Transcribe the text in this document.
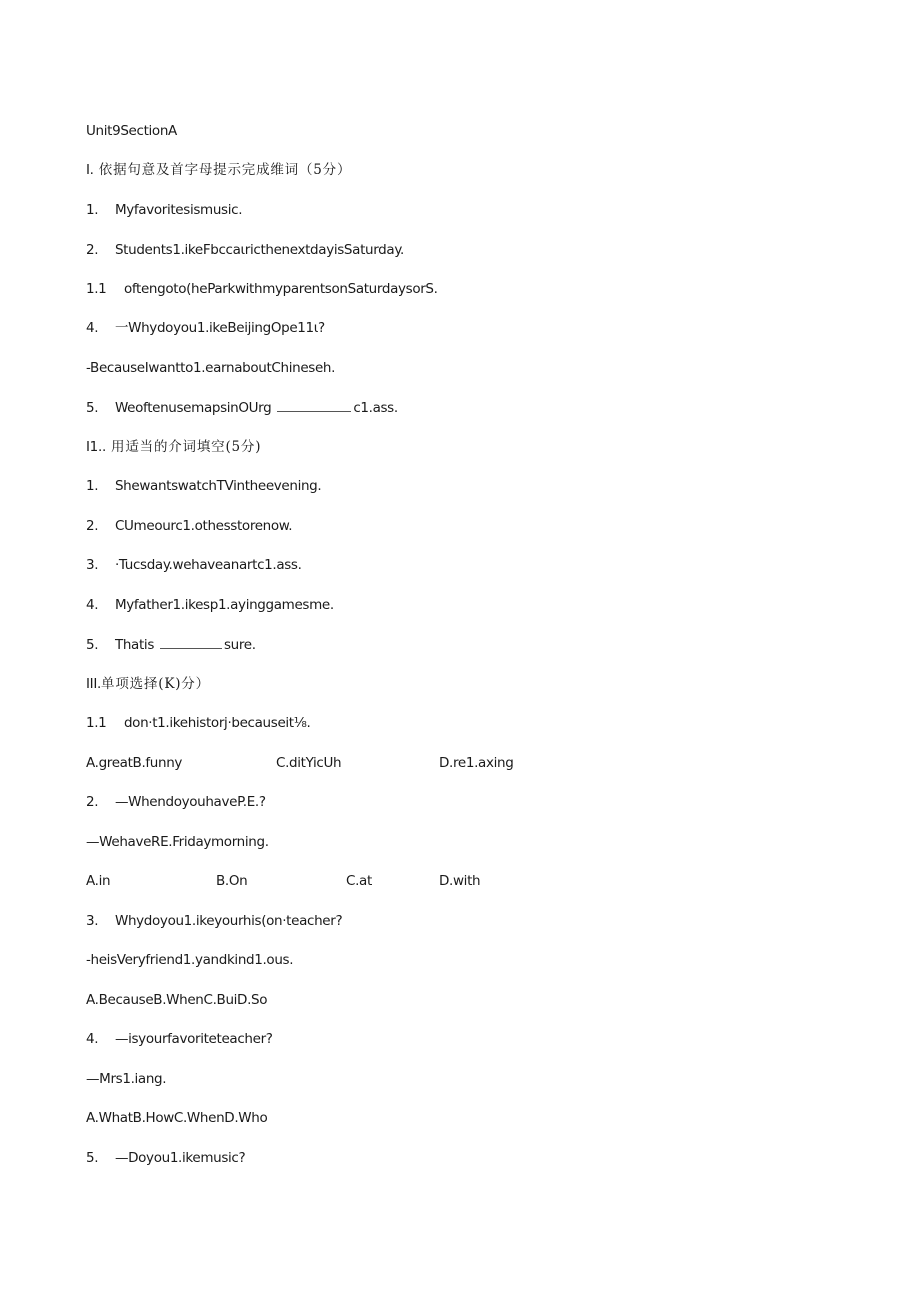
Unit9SectionA
I. 依据句意及首字母提示完成维词（5分）
1. Myfavoritesismusic.
2. Students1.ikeFbccaιricthenextdayisSaturday.
1.1 oftengoto(heParkwithmyparentsonSaturdaysorS.
4. 一Whydoyou1.ikeBeijingOpe11ι?
-BecauseIwantto1.earnaboutChineseh.
5. WeoftenusemapsinOUrg	c1.ass.
I1.. 用适当的介词填空(5分)
1. ShewantswatchTVintheevening.
2. CUmeourc1.othesstorenow.
3. ·Tucsday.wehaveanartc1.ass.
4. Myfather1.ikesp1.ayinggamesme.
5. Thatis	sure.
III.单项选择(K)分）
1.1 don·t1.ikehistorj·becauseit⅛.
A.greatB.funny	C.ditYicUh	D.re1.axing
2. —WhendoyouhaveP.E.?
—WehaveRE.Fridaymorning.
A.in	B.On	C.at	D.with
3. Whydoyou1.ikeyourhis(on·teacher?
-heisVeryfriend1.yandkind1.ous.
A.BecauseB.WhenC.BuiD.So
4. —isyourfavoriteteacher?
—Mrs1.iang.
A.WhatB.HowC.WhenD.Who
5. —Doyou1.ikemusic?
